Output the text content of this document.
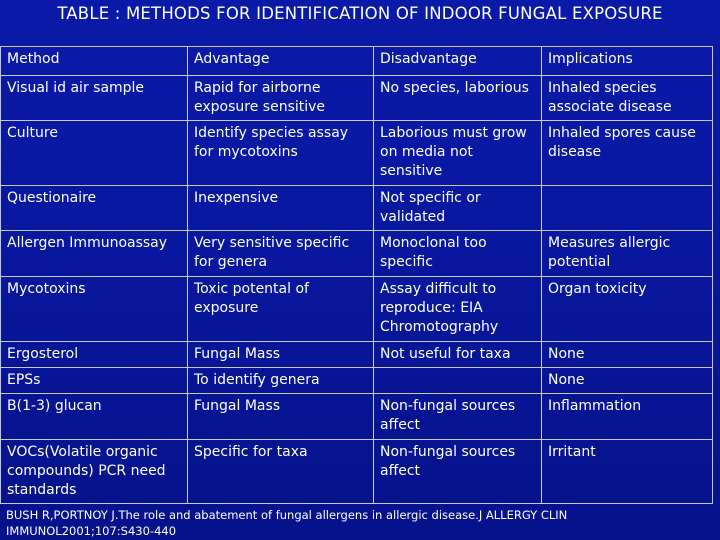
TABLE : METHODS FOR IDENTIFICATION OF INDOOR FUNGAL EXPOSURE
Method	Advantage	Disadvantage	Implications
Visual id air sample	Rapid for airborne exposure sensitive	No species, laborious	Inhaled species associate disease
Culture	Identify species assay for mycotoxins	Laborious must grow on media not sensitive	Inhaled spores cause disease
Questionaire	Inexpensive	Not specific or validated	
Allergen Immunoassay	Very sensitive specific for genera	Monoclonal too specific	Measures allergic potential
Mycotoxins	Toxic potental of exposure	Assay difficult to reproduce: EIA Chromotography	Organ toxicity
Ergosterol	Fungal Mass	Not useful for taxa	None
EPSs	To identify genera		None
B(1-3) glucan	Fungal Mass	Non-fungal sources affect	Inflammation
VOCs(Volatile organic compounds) PCR need standards	Specific for taxa	Non-fungal sources affect	Irritant
BUSH R,PORTNOY J.The role and abatement of fungal allergens in allergic disease.J ALLERGY CLIN IMMUNOL2001;107:S430-440
